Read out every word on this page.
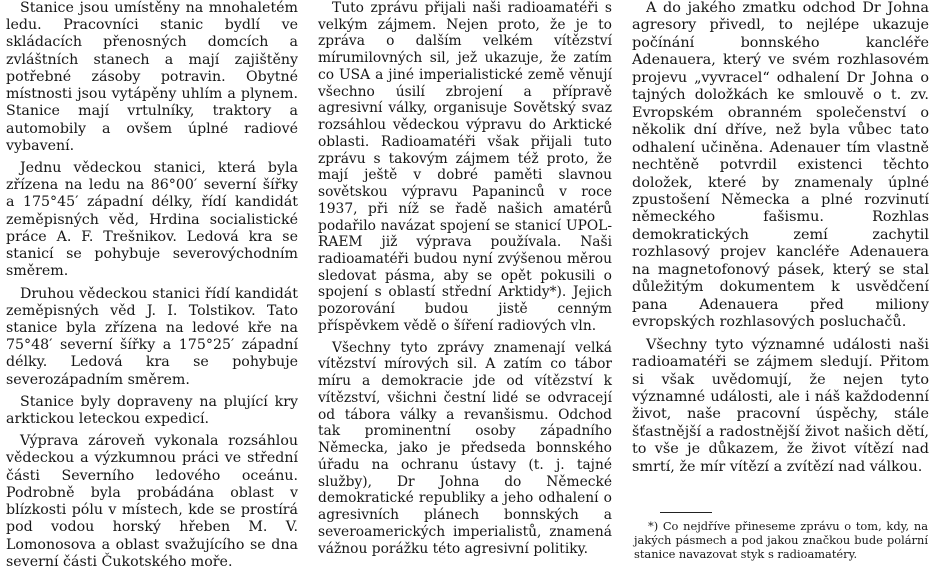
Stanice jsou umístěny na mnohaletém ledu. Pracovníci stanic bydlí ve skládacích přenosných domcích a zvláštních stanech a mají zajištěny potřebné zásoby potravin. Obytné místnosti jsou vytápěny uhlím a plynem. Stanice mají vrtulníky, traktory a automobily a ovšem úplné radiové vybavení.

Jednu vědeckou stanici, která byla zřízena na ledu na 86°00′ severní šířky a 175°45′ západní délky, řídí kandidát zeměpisných věd, Hrdina socialistické práce A. F. Trešnikov. Ledová kra se stanicí se pohybuje severovýchodním směrem.

Druhou vědeckou stanici řídí kandidát zeměpisných věd J. I. Tolstikov. Tato stanice byla zřízena na ledové kře na 75°48′ severní šířky a 175°25′ západní délky. Ledová kra se pohybuje severozápadním směrem.

Stanice byly dopraveny na plující kry arktickou leteckou expedicí.

Výprava zároveň vykonala rozsáhlou vědeckou a výzkumnou práci ve střední části Severního ledového oceánu. Podrobně byla probádána oblast v blízkosti pólu v místech, kde se prostírá pod vodou horský hřeben M. V. Lomonosova a oblast svažujícího se dna severní části Čukotského moře.

Tuto zprávu přijali naši radioamatéři s velkým zájmem. Nejen proto, že je to zpráva o dalším velkém vítězství mírumilovných sil, jež ukazuje, že zatím co USA a jiné imperialistické země věnují všechno úsilí zbrojení a přípravě agresivní války, organisuje Sovětský svaz rozsáhlou vědeckou výpravu do Arktické oblasti. Radioamatéři však přijali tuto zprávu s takovým zájmem též proto, že mají ještě v dobré paměti slavnou sovětskou výpravu Papaninců v roce 1937, při níž se řadě našich amatérů podařilo navázat spojení se stanicí UPOL-RAEM již výprava používala. Naši radioamatéři budou nyní zvýšenou měrou sledovat pásma, aby se opět pokusili o spojení s oblastí střední Arktidy*). Jejich pozorování budou jistě cenným příspěvkem vědě o šíření radiových vln.

Všechny tyto zprávy znamenají velká vítězství mírových sil. A zatím co tábor míru a demokracie jde od vítězství k vítězství, všichni čestní lidé se odvracejí od tábora války a revanšismu. Odchod tak prominentní osoby západního Německa, jako je předseda bonnského úřadu na ochranu ústavy (t. j. tajné služby), Dr Johna do Německé demokratické republiky a jeho odhalení o agresivních plánech bonnských a severoamerických imperialistů, znamená vážnou porážku této agresivní politiky.

A do jakého zmatku odchod Dr Johna agresory přivedl, to nejlépe ukazuje počínání bonnského kancléře Adenauera, který ve svém rozhlasovém projevu „vyvracel“ odhalení Dr Johna o tajných doložkách ke smlouvě o t. zv. Evropském obranném společenství o několik dní dříve, než byla vůbec tato odhalení učiněna. Adenauer tím vlastně nechtěně potvrdil existenci těchto doložek, které by znamenaly úplné zpustošení Německa a plné rozvinutí německého fašismu. Rozhlas demokratických zemí zachytil rozhlasový projev kancléře Adenauera na magnetofonový pásek, který se stal důležitým dokumentem k usvědčení pana Adenauera před miliony evropských rozhlasových posluchačů.

Všechny tyto významné události naši radioamatéři se zájmem sledují. Přitom si však uvědomují, že nejen tyto významné události, ale i náš každodenní život, naše pracovní úspěchy, stále šťastnější a radostnější život našich dětí, to vše je důkazem, že život vítězí nad smrtí, že mír vítězí a zvítězí nad válkou.

*) Co nejdříve přineseme zprávu o tom, kdy, na jakých pásmech a pod jakou značkou bude polární stanice navazovat styk s radioamatéry.
